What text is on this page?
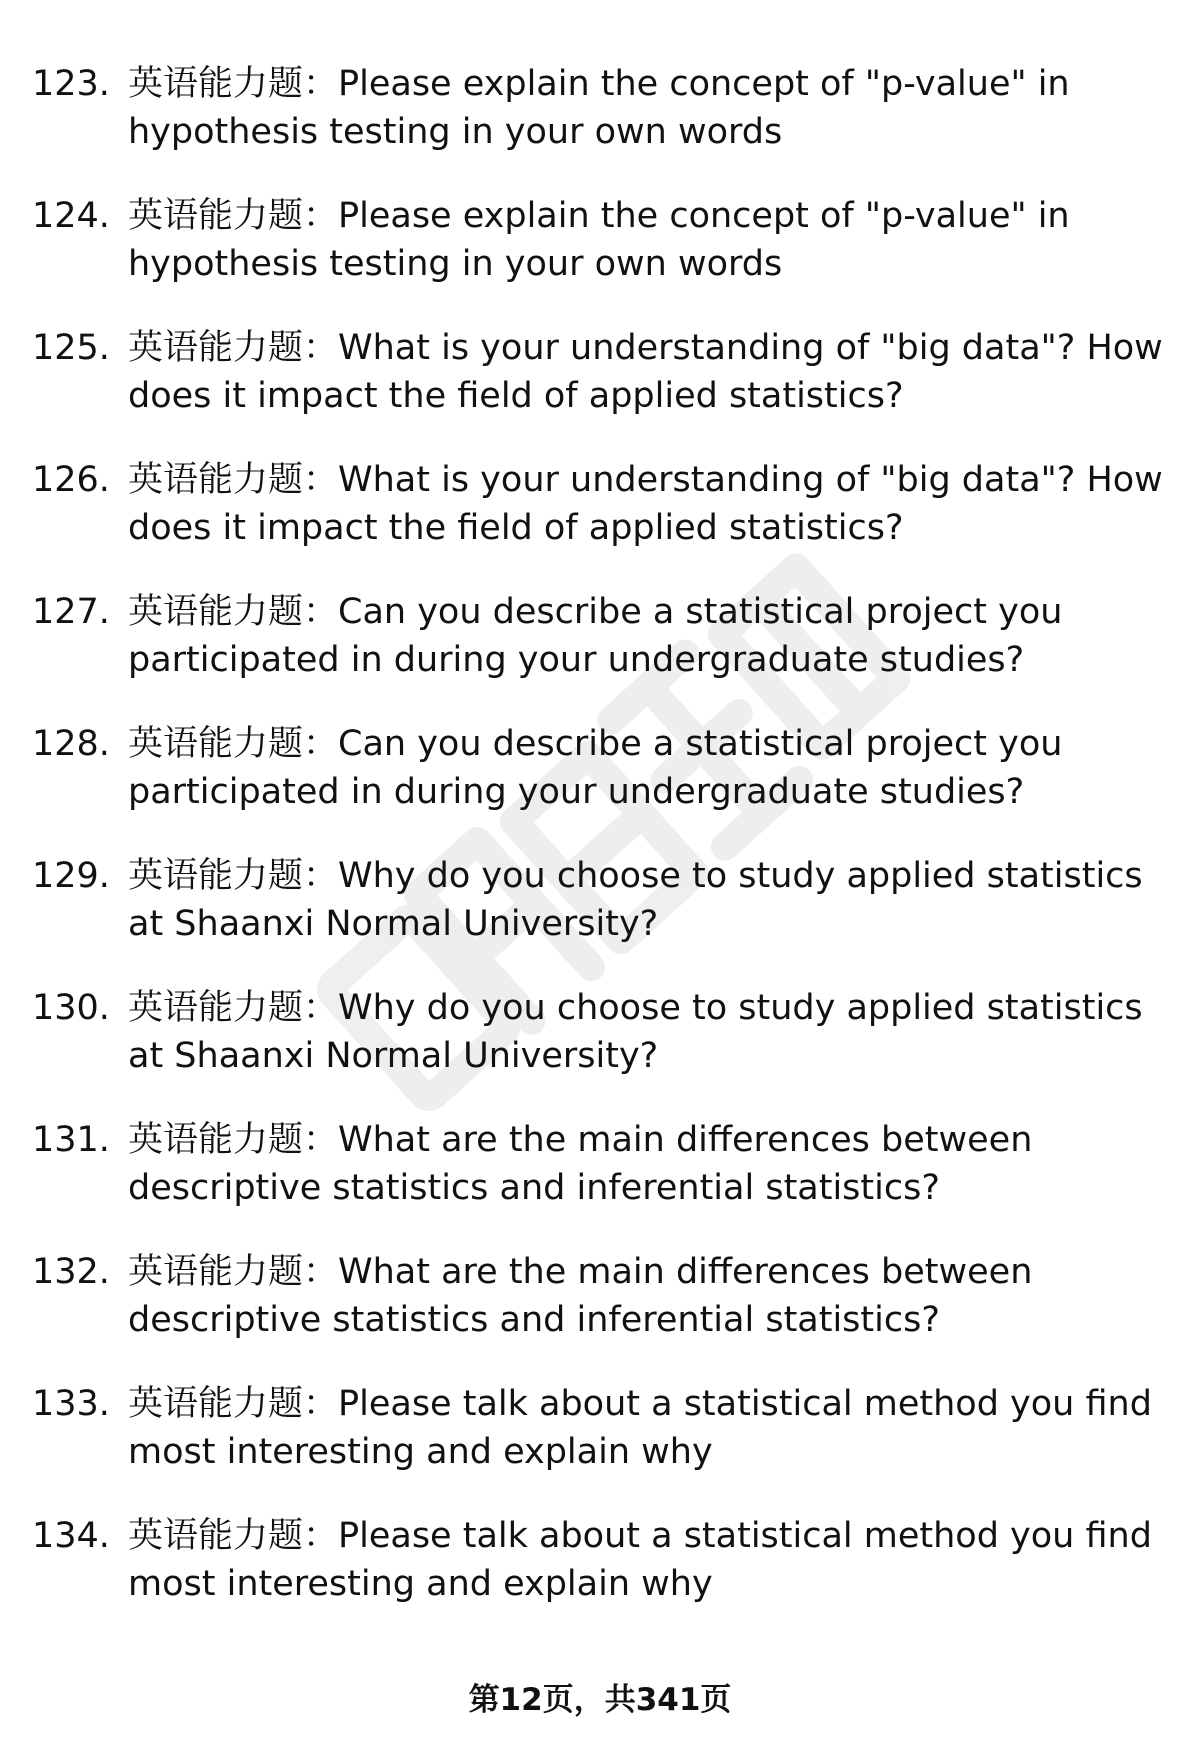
123. 英语能力题：Please explain the concept of "p-value" in hypothesis testing in your own words
124. 英语能力题：Please explain the concept of "p-value" in hypothesis testing in your own words
125. 英语能力题：What is your understanding of "big data"? How does it impact the field of applied statistics?
126. 英语能力题：What is your understanding of "big data"? How does it impact the field of applied statistics?
127. 英语能力题：Can you describe a statistical project you participated in during your undergraduate studies?
128. 英语能力题：Can you describe a statistical project you participated in during your undergraduate studies?
129. 英语能力题：Why do you choose to study applied statistics at Shaanxi Normal University?
130. 英语能力题：Why do you choose to study applied statistics at Shaanxi Normal University?
131. 英语能力题：What are the main differences between descriptive statistics and inferential statistics?
132. 英语能力题：What are the main differences between descriptive statistics and inferential statistics?
133. 英语能力题：Please talk about a statistical method you find most interesting and explain why
134. 英语能力题：Please talk about a statistical method you find most interesting and explain why
第12页，共341页
